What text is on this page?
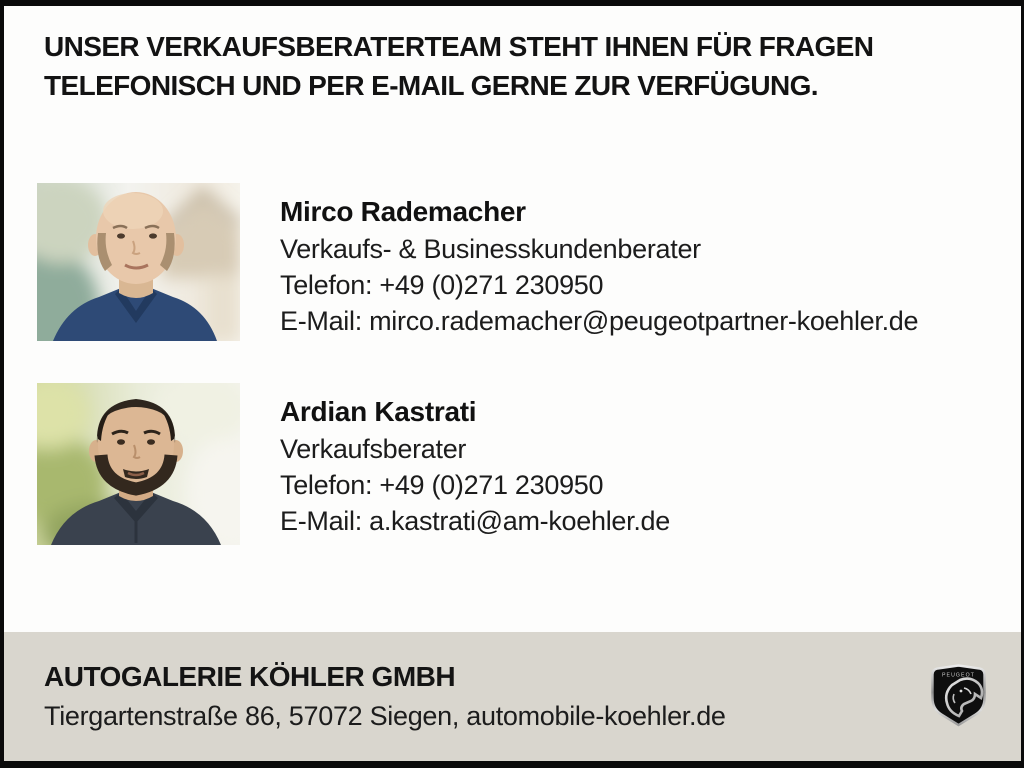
UNSER VERKAUFSBERATERTEAM STEHT IHNEN FÜR FRAGEN
TELEFONISCH UND PER E-MAIL GERNE ZUR VERFÜGUNG.
Mirco Rademacher
Verkaufs- & Businesskundenberater
Telefon: +49 (0)271 230950
E-Mail: mirco.rademacher@peugeotpartner-koehler.de
Ardian Kastrati
Verkaufsberater
Telefon: +49 (0)271 230950
E-Mail: a.kastrati@am-koehler.de
AUTOGALERIE KÖHLER GMBH
Tiergartenstraße 86, 57072 Siegen, automobile-koehler.de
PEUGEOT
